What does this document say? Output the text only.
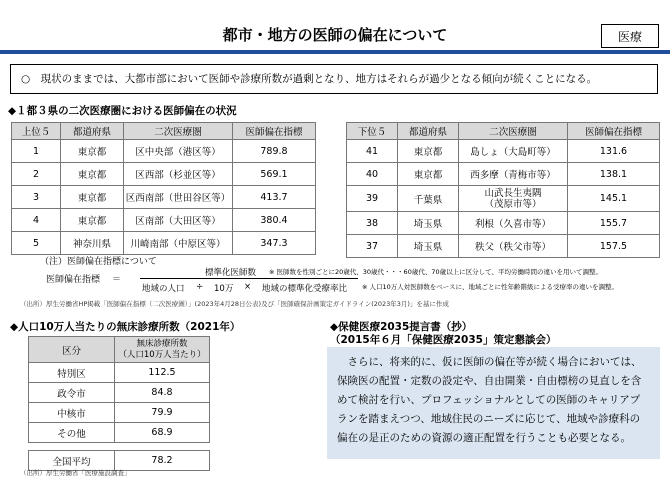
都市・地方の医師の偏在について	医療
○　現状のままでは、大都市部において医師や診療所数が過剰となり、地方はそれらが過少となる傾向が続くことになる。
◆１都３県の二次医療圏における医師偏在の状況
上位５	都道府県	二次医療圏	医師偏在指標
1	東京都	区中央部（港区等）	789.8
2	東京都	区西部（杉並区等）	569.1
3	東京都	区西南部（世田谷区等）	413.7
4	東京都	区南部（大田区等）	380.4
5	神奈川県	川崎南部（中原区等）	347.3
下位５	都道府県	二次医療圏	医師偏在指標
41	東京都	島しょ（大島町等）	131.6
40	東京都	西多摩（青梅市等）	138.1
39	千葉県	山武長生夷隅
（茂原市等）	145.1
38	埼玉県	利根（久喜市等）	155.7
37	埼玉県	秩父（秩父市等）	157.5
（注）医師偏在指標について
医師偏在指標 ＝
標準化医師数
地域の人口 ÷ 10万 × 地域の標準化受療率比
※ 医師数を性別ごとに20歳代、30歳代・・・60歳代、70歳以上に区分して、平均労働時間の違いを用いて調整。
※ 人口10万人対医師数をベースに、地域ごとに性年齢階級による受療率の違いを調整。
（出所）厚生労働省HP掲載「医師偏在指標（二次医療圏）」(2023年4月28日公表)及び「医師確保計画策定ガイドライン(2023年3月)」を基に作成
◆人口10万人当たりの無床診療所数（2021年）
区分	無床診療所数
（人口10万人当たり）
特別区	112.5
政令市	84.8
中核市	79.9
その他	68.9

全国平均	78.2
（出所）厚生労働省「医療施設調査」
◆保健医療2035提言書（抄）
（2015年６月「保健医療2035」策定懇談会）
　さらに、将来的に、仮に医師の偏在等が続く場合においては、保険医の配置・定数の設定や、自由開業・自由標榜の見直しを含めて検討を行い、プロフェッショナルとしての医師のキャリアプランを踏まえつつ、地域住民のニーズに応じて、地域や診療科の偏在の是正のための資源の適正配置を行うことも必要となる。
